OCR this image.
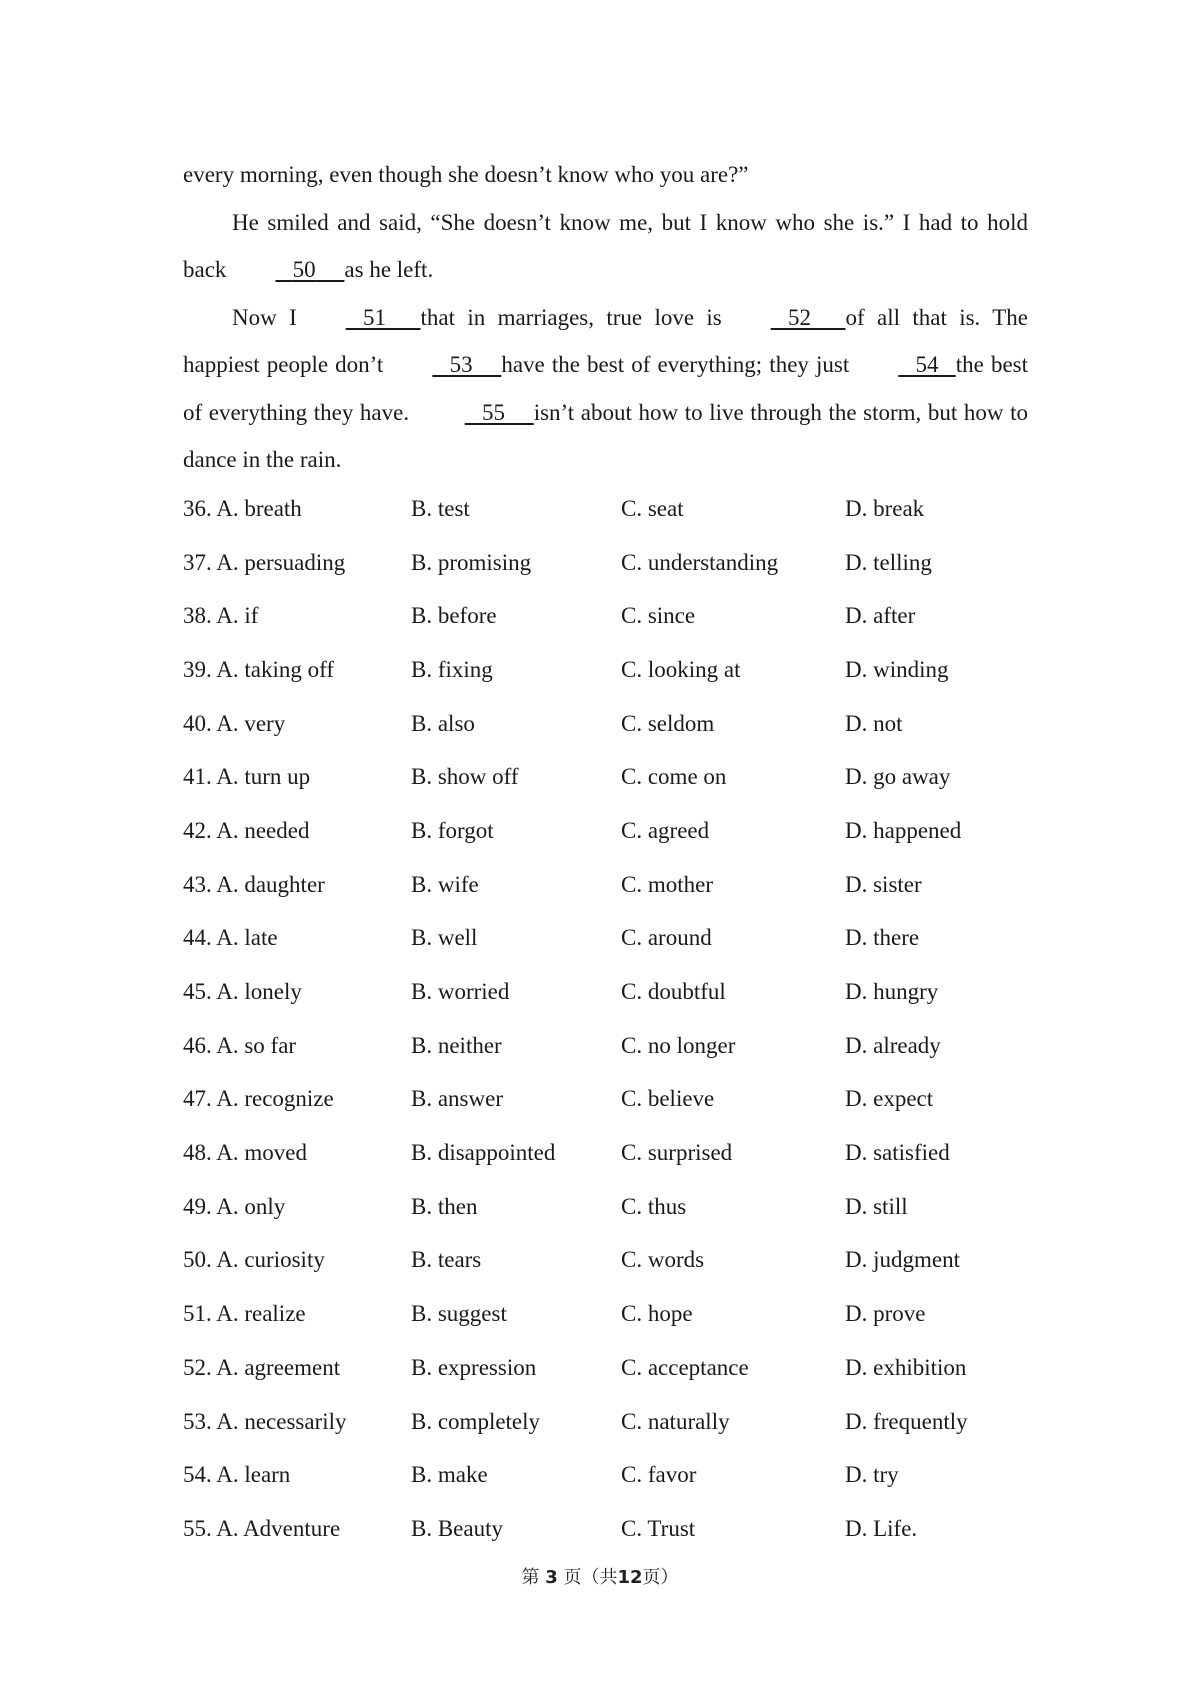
every morning, even though she doesn’t know who you are?”

He smiled and said, “She doesn’t know me, but I know who she is.” I had to hold back	50 as he left.

Now I	51 that in marriages, true love is	52 of all that is. The happiest people don’t	53 have the best of everything; they just	54 the best of everything they have.	55 isn’t about how to live through the storm, but how to dance in the rain.

36. A. breath	B. test	C. seat	D. break
37. A. persuading	B. promising	C. understanding	D. telling
38. A. if	B. before	C. since	D. after
39. A. taking off	B. fixing	C. looking at	D. winding
40. A. very	B. also	C. seldom	D. not
41. A. turn up	B. show off	C. come on	D. go away
42. A. needed	B. forgot	C. agreed	D. happened
43. A. daughter	B. wife	C. mother	D. sister
44. A. late	B. well	C. around	D. there
45. A. lonely	B. worried	C. doubtful	D. hungry
46. A. so far	B. neither	C. no longer	D. already
47. A. recognize	B. answer	C. believe	D. expect
48. A. moved	B. disappointed	C. surprised	D. satisfied
49. A. only	B. then	C. thus	D. still
50. A. curiosity	B. tears	C. words	D. judgment
51. A. realize	B. suggest	C. hope	D. prove
52. A. agreement	B. expression	C. acceptance	D. exhibition
53. A. necessarily	B. completely	C. naturally	D. frequently
54. A. learn	B. make	C. favor	D. try
55. A. Adventure	B. Beauty	C. Trust	D. Life.
第 3 页（共12页）
